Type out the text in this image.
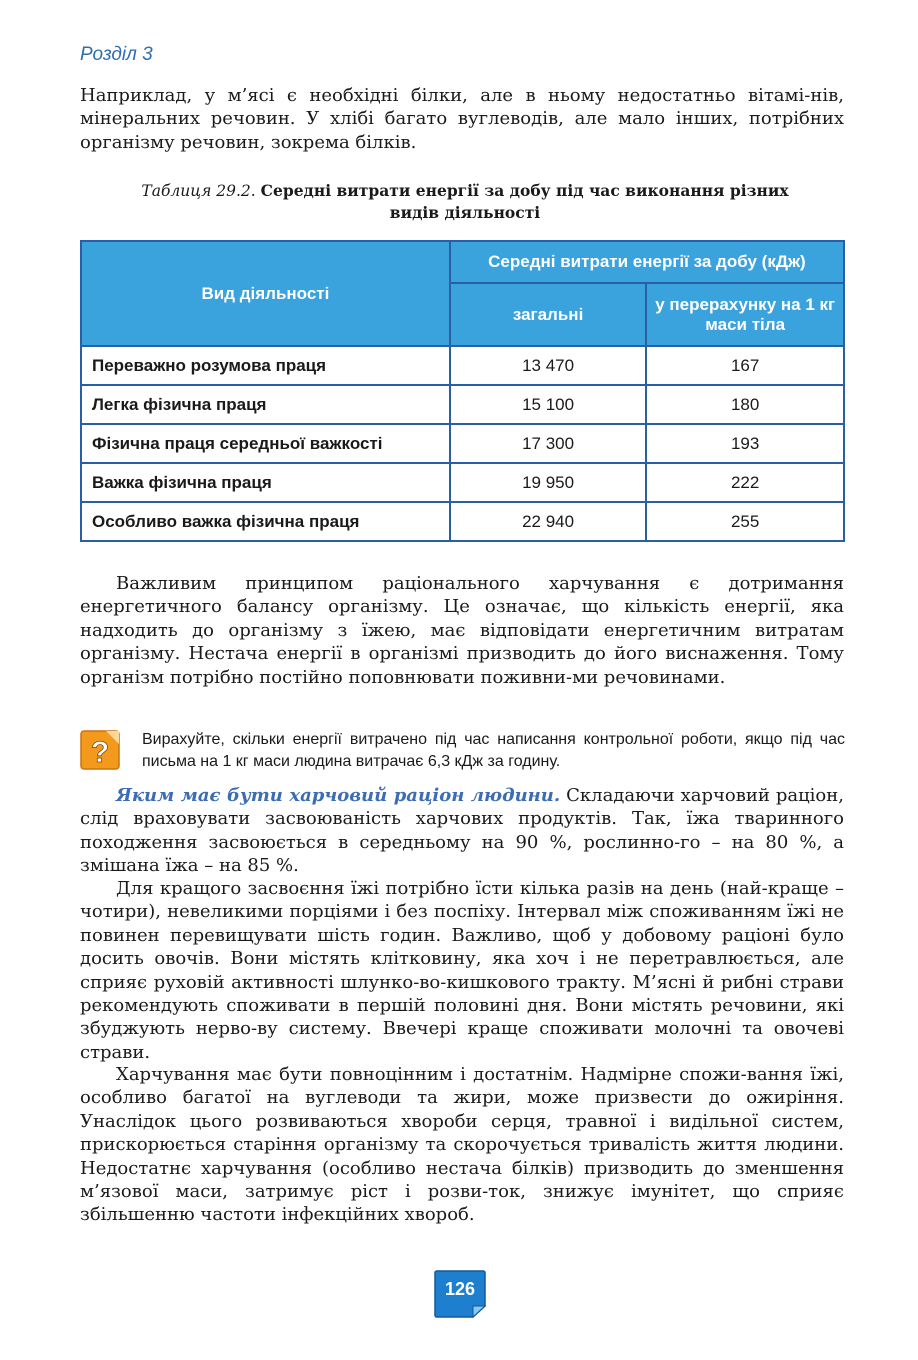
Розділ 3

Наприклад, у м’ясі є необхідні білки, але в ньому недостатньо вітамі-нів, мінеральних речовин. У хлібі багато вуглеводів, але мало інших, потрібних організму речовин, зокрема білків.

Таблиця 29.2. Середні витрати енергії за добу під час виконання різних видів діяльності
Вид діяльності	Середні витрати енергії за добу (кДж)	
	загальні	у перерахунку на 1 кг маси тіла
Переважно розумова праця	13 470	167
Легка фізична праця	15 100	180
Фізична праця середньої важкості	17 300	193
Важка фізична праця	19 950	222
Особливо важка фізична праця	22 940	255

Важливим принципом раціонального харчування є дотримання енергетичного балансу організму. Це означає, що кількість енергії, яка надходить до організму з їжею, має відповідати енергетичним витратам організму. Нестача енергії в організмі призводить до його виснаження. Тому організм потрібно постійно поповнювати поживни-ми речовинами.

? Вирахуйте, скільки енергії витрачено під час написання контрольної роботи, якщо під час письма на 1 кг маси людина витрачає 6,3 кДж за годину.

Яким має бути харчовий раціон людини. Складаючи харчовий раціон, слід враховувати засвоюваність харчових продуктів. Так, їжа тваринного походження засвоюється в середньому на 90 %, рослинно-го – на 80 %, а змішана їжа – на 85 %.

Для кращого засвоєння їжі потрібно їсти кілька разів на день (най-краще – чотири), невеликими порціями і без поспіху. Інтервал між споживанням їжі не повинен перевищувати шість годин. Важливо, щоб у добовому раціоні було досить овочів. Вони містять клітковину, яка хоч і не перетравлюється, але сприяє руховій активності шлунко-во-кишкового тракту. М’ясні й рибні страви рекомендують споживати в першій половині дня. Вони містять речовини, які збуджують нерво-ву систему. Ввечері краще споживати молочні та овочеві страви.

Харчування має бути повноцінним і достатнім. Надмірне спожи-вання їжі, особливо багатої на вуглеводи та жири, може призвести до ожиріння. Унаслідок цього розвиваються хвороби серця, травної і видільної систем, прискорюється старіння організму та скорочується тривалість життя людини. Недостатнє харчування (особливо нестача білків) призводить до зменшення м’язової маси, затримує ріст і розви-ток, знижує імунітет, що сприяє збільшенню частоти інфекційних хвороб.

126
